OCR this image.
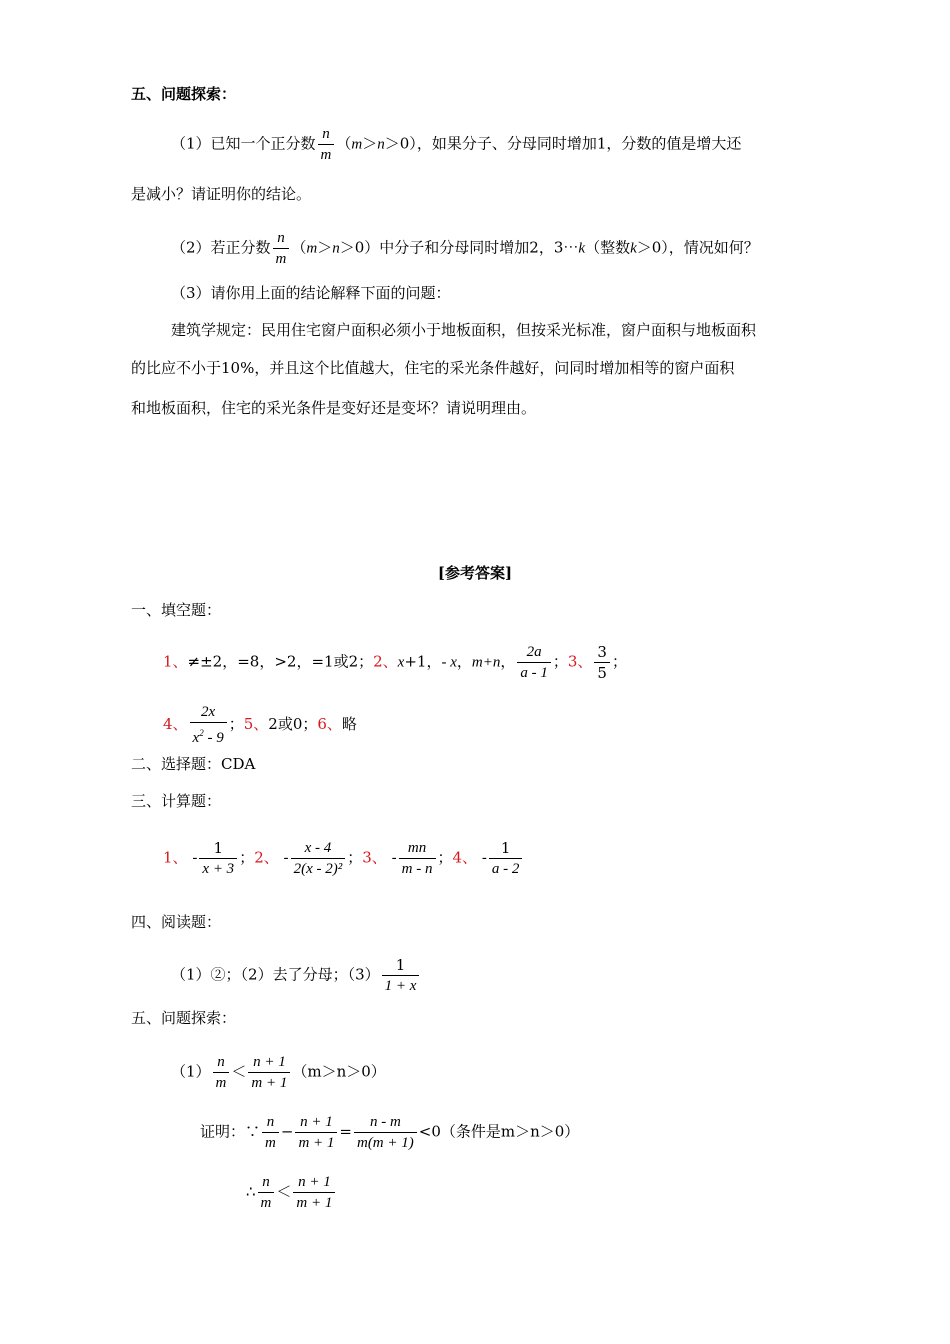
五、问题探索：
（1）已知一个正分数 $\frac{n}{m} (m>n>0)$，如果分子、分母同时增加1，分数的值是增大还
是减小？请证明你的结论。
（2）若正分数 $\frac{n}{m} (m>n>0)$中分子和分母同时增加2，3⋯k（整数k＞0），情况如何？
（3）请你用上面的结论解释下面的问题：
建筑学规定：民用住宅窗户面积必须小于地板面积，但按采光标准，窗户面积与地板面积
的比应不小于10%，并且这个比值越大，住宅的采光条件越好，问同时增加相等的窗户面积
和地板面积，住宅的采光条件是变好还是变坏？请说明理由。
[参考答案]
一、填空题：
1、≠±2，=8，>2，=1或2；2、x+1，- x，m+n， $\frac{2a}{a - 1}$ ；3、 $\frac{3}{5}$ ；
4、 $\frac{2x}{x^2 - 9}$ ；5、2或0；6、略
二、选择题：CDA
三、计算题：
1、 - $\frac{1}{x + 3}$ ；2、 - $\frac{x - 4}{\text{2(x - 2)²}}$ ；3、 - $\frac{mn}{m - n}$ ；4、 - $\frac{1}{a - 2}$
四、阅读题：
（1）②；（2）去了分母；$(3) \frac{1}{1 + x}$
五、问题探索：
$(1) \frac{n}{m} < \frac{n + 1}{m + 1} (m>n>0)$
证明：∵ $\frac{n}{m} - \frac{n + 1}{m + 1} = \frac{n - m}{m(m + 1)} <0$（条件是m＞n＞0）
∴ $\frac{n}{m} < \frac{n + 1}{m + 1}$
